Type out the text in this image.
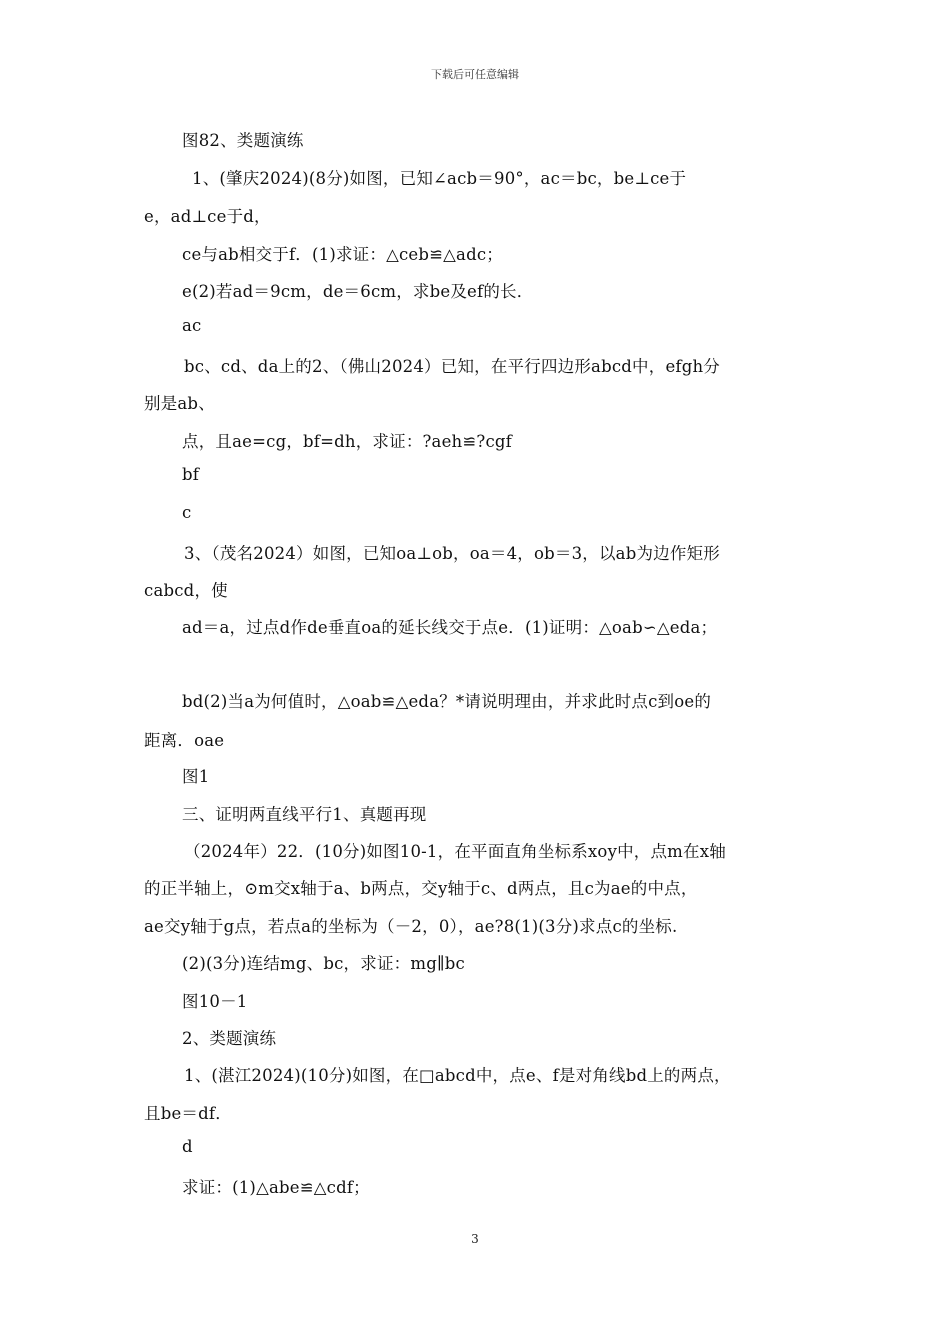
下载后可任意编辑
图82、类题演练
1、(肇庆2024)(8分)如图，已知∠acb＝90°，ac＝bc，be⊥ce于
e，ad⊥ce于d，
ce与ab相交于f．(1)求证：△ceb≌△adc；
e(2)若ad＝9cm，de＝6cm，求be及ef的长．
ac
bc、cd、da上的2、（佛山2024）已知，在平行四边形abcd中，efgh分
别是ab、
点，且ae=cg，bf=dh，求证：?aeh≌?cgf
bf
c
3、（茂名2024）如图，已知oa⊥ob，oa＝4，ob＝3，以ab为边作矩形
cabcd，使
ad＝a，过点d作de垂直oa的延长线交于点e．(1)证明：△oab∽△eda；
bd(2)当a为何值时，△oab≌△eda？*请说明理由，并求此时点c到oe的
距离．oae
图1
三、证明两直线平行1、真题再现
（2024年）22．(10分)如图10-1，在平面直角坐标系xoy中，点m在x轴
的正半轴上，⊙m交x轴于a、b两点，交y轴于c、d两点，且c为ae的中点，
ae交y轴于g点，若点a的坐标为（－2，0），ae?8(1)(3分)求点c的坐标.
(2)(3分)连结mg、bc，求证：mg∥bc
图10－1
2、类题演练
1、(湛江2024)(10分)如图，在□abcd中，点e、f是对角线bd上的两点，
且be＝df．
d
求证：(1)△abe≌△cdf；
3
